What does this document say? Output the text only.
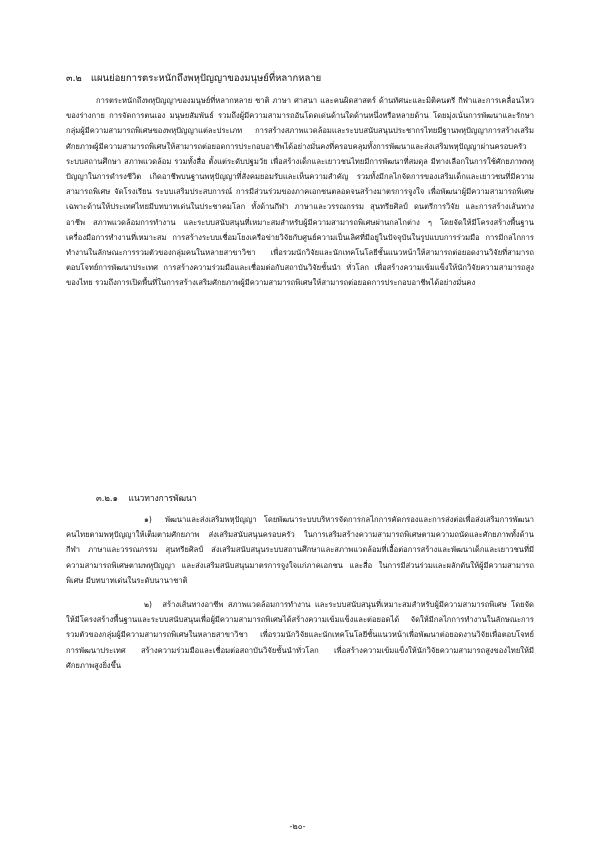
๓.๒ แผนย่อยการตระหนักถึงพหุปัญญาของมนุษย์ที่หลากหลาย
การตระหนักถึงพหุปัญญาของมนุษย์ที่หลากหลาย ชาติ ภาษา ศาสนา และคนผิดสาสตร์ ด้านทัศนะและมิติคนตรี กีฬาและการเคลื่อนไหวของร่างกาย การจัดการตนเอง มนุษยสัมพันธ์ รวมถึงผู้มีความสามารถอันโดดเด่นด้านใดด้านหนึ่งหรือหลายด้าน โดยมุ่งเน้นการพัฒนาและรักษากลุ่มผู้มีความสามารถพิเศษของพหุปัญญาแต่ละประเภท การสร้างสภาพแวดล้อมและระบบสนับสนุนประชากรไทยมีฐานพหุปัญญาการสร้างเสริมศักยภาพผู้มีความสามารถพิเศษให้สามารถต่อยอดการประกอบอาชีพได้อย่างมั่นคงที่ครอบคลุมทั้งการพัฒนาและส่งเสริมพหุปัญญาผ่านครอบครัว ระบบสถานศึกษา สภาพแวดล้อม รวมทั้งสื่อ ตั้งแต่ระดับปฐมวัย เพื่อสร้างเด็กและเยาวชนไทยมีการพัฒนาที่สมดุล มีทางเลือกในการใช้ศักยภาพพหุปัญญาในการดำรงชีวิต เกิดอาชีพบนฐานพหุปัญญาที่สังคมยอมรับและเห็นความสำคัญ รวมทั้งมีกลไกจัดการของเสริมเด็กและเยาวชนที่มีความสามารถพิเศษ จัดโรงเรียน ระบบเสริมประสบการณ์ การมีส่วนร่วมของภาคเอกชนตลอดจนสร้างมาตรการจูงใจ เพื่อพัฒนาผู้มีความสามารถพิเศษเฉพาะด้านให้ประเทศไทยมีบทบาทเด่นในประชาคมโลก ทั้งด้านกีฬา ภาษาและวรรณกรรม สุนทรียศิลป์ ดนตรีการวิจัย และการสร้างเส้นทางอาชีพ สภาพแวดล้อมการทำงาน และระบบสนับสนุนที่เหมาะสมสำหรับผู้มีความสามารถพิเศษผ่านกลไกต่าง ๆ โดยจัดให้มีโครงสร้างพื้นฐาน เครื่องมือการทำงานที่เหมาะสม การสร้างระบบเชื่อมโยงเครือข่ายวิจัยกับศูนย์ความเป็นเลิศที่มีอยู่ในปัจจุบันในรูปแบบการร่วมมือ การมีกลไกการทำงานในลักษณะการรวมตัวของกลุ่มคนในหลายสาขาวิชา เพื่อรวมนักวิจัยและนักเทคโนโลยีชั้นแนวหน้าให้สามารถต่อยอดงานวิจัยที่สามารถตอบโจทย์การพัฒนาประเทศ การสร้างความร่วมมือและเชื่อมต่อกับสถาบันวิจัยชั้นนำ ทั่วโลก เพื่อสร้างความเข้มแข็งให้นักวิจัยความสามารถสูงของไทย รวมถึงการเปิดพื้นที่ในการสร้างเสริมศักยภาพผู้มีความสามารถพิเศษให้สามารถต่อยอดการประกอบอาชีพได้อย่างมั่นคง
๓.๒.๑ แนวทางการพัฒนา
๑) พัฒนาและส่งเสริมพหุปัญญา โดยพัฒนาระบบบริหารจัดการกลไกการคัดกรองและการส่งต่อเพื่อส่งเสริมการพัฒนาคนไทยตามพหุปัญญาให้เต็มตามศักยภาพ ส่งเสริมสนับสนุนครอบครัว ในการเสริมสร้างความสามารถพิเศษตามความถนัดและศักยภาพทั้งด้านกีฬา ภาษาและวรรณกรรม สุนทรียศิลป์ ส่งเสริมสนับสนุนระบบสถานศึกษาและสภาพแวดล้อมที่เอื้อต่อการสร้างและพัฒนาเด็กและเยาวชนที่มีความสามารถพิเศษตามพหุปัญญา และส่งเสริมสนับสนุนมาตรการจูงใจแก่ภาคเอกชน และสื่อ ในการมีส่วนร่วมและผลักดันให้ผู้มีความสามารถพิเศษ มีบทบาทเด่นในระดับนานาชาติ
๒) สร้างเส้นทางอาชีพ สภาพแวดล้อมการทำงาน และระบบสนับสนุนที่เหมาะสมสำหรับผู้มีความสามารถพิเศษ โดยจัดให้มีโครงสร้างพื้นฐานและระบบสนับสนุนเพื่อผู้มีความสามารถพิเศษได้สร้างความเข้มแข็งและต่อยอดได้ จัดให้มีกลไกการทำงานในลักษณะการรวมตัวของกลุ่มผู้มีความสามารถพิเศษในหลายสาขาวิชา เพื่อรวมนักวิจัยและนักเทคโนโลยีชั้นแนวหน้าเพื่อพัฒนาต่อยอดงานวิจัยเพื่อตอบโจทย์การพัฒนาประเทศ สร้างความร่วมมือและเชื่อมต่อสถาบันวิจัยชั้นนำทั่วโลก เพื่อสร้างความเข้มแข็งให้นักวิจัยความสามารถสูงของไทยให้มีศักยภาพสูงยิ่งขึ้น
-๒๐-
